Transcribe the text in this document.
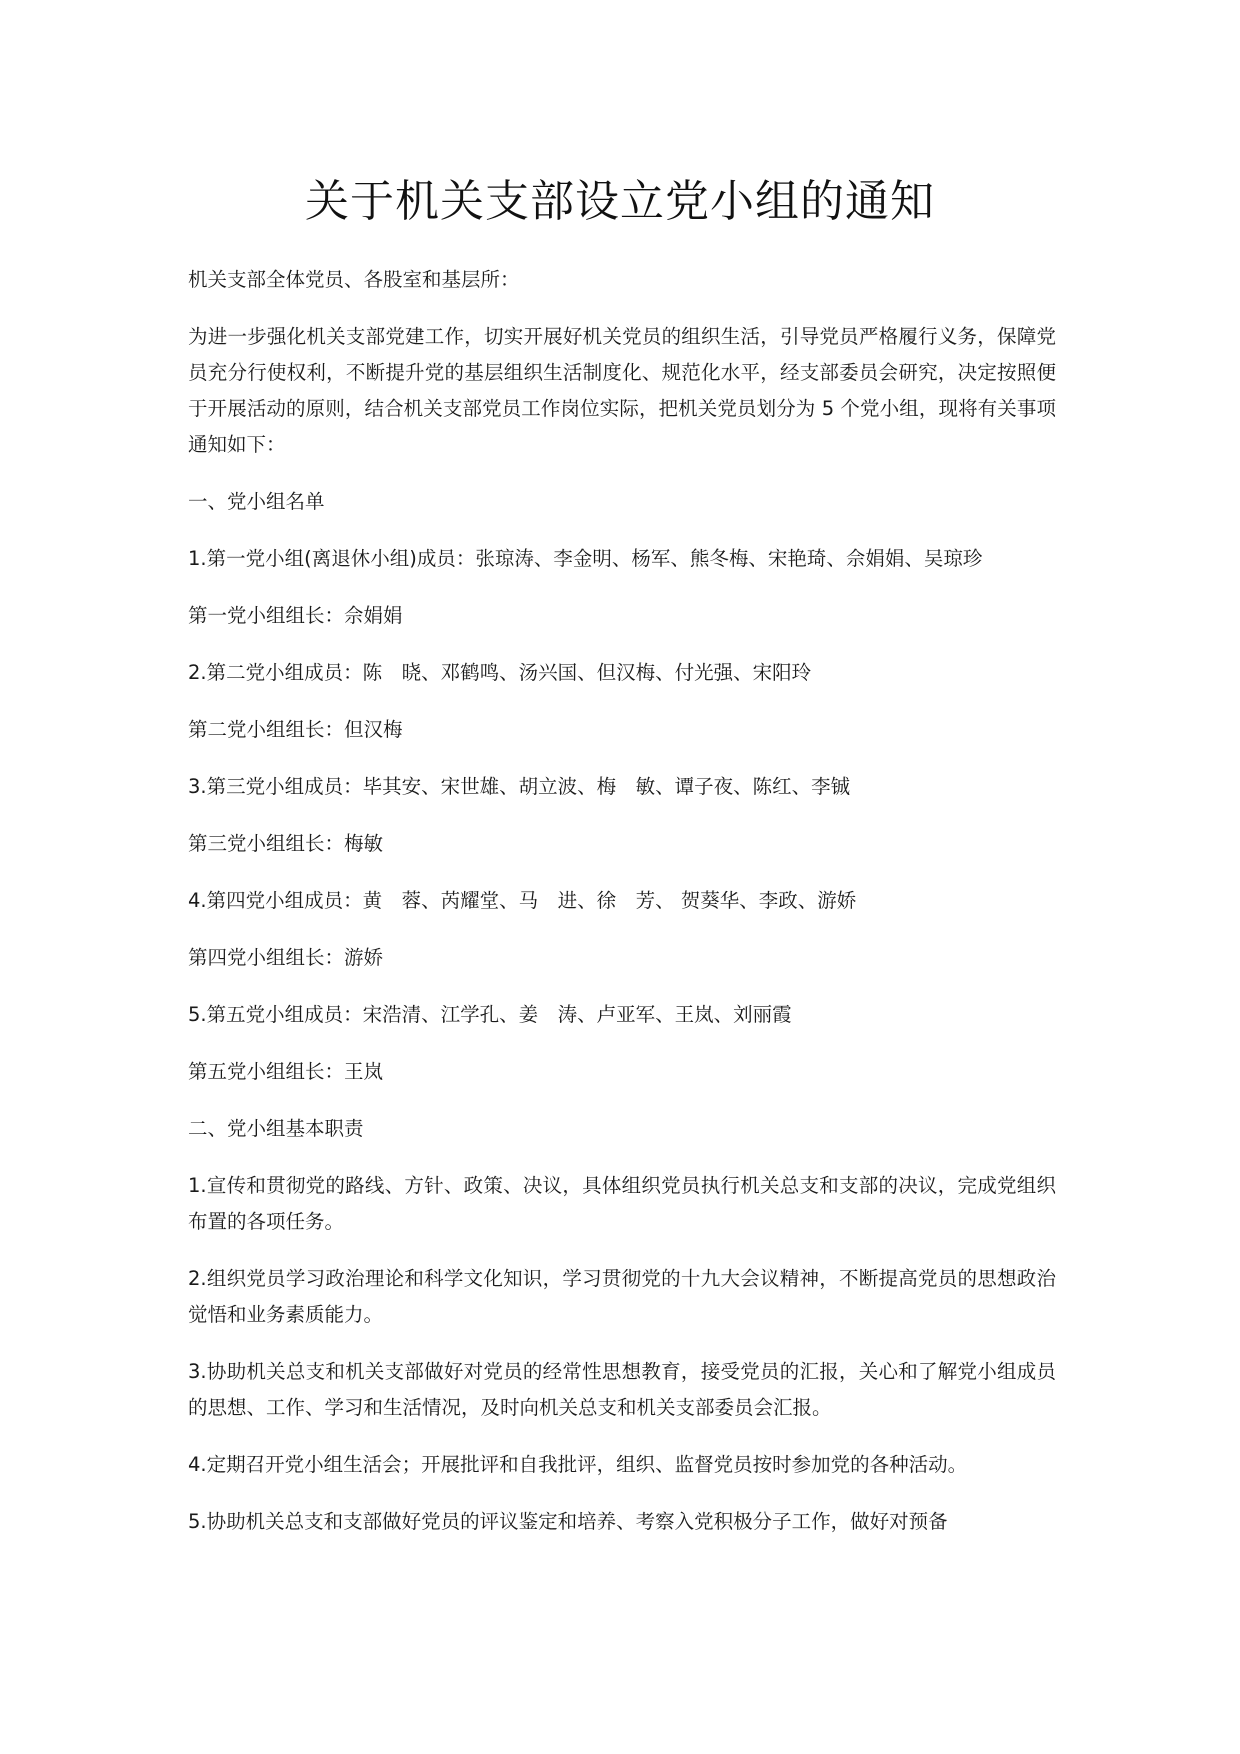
关于机关支部设立党小组的通知

机关支部全体党员、各股室和基层所：

为进一步强化机关支部党建工作，切实开展好机关党员的组织生活，引导党员严格履行义务，保障党员充分行使权利，不断提升党的基层组织生活制度化、规范化水平，经支部委员会研究，决定按照便于开展活动的原则，结合机关支部党员工作岗位实际，把机关党员划分为 5 个党小组，现将有关事项通知如下：

一、党小组名单

1.第一党小组(离退休小组)成员：张琼涛、李金明、杨军、熊冬梅、宋艳琦、佘娟娟、吴琼珍

第一党小组组长：佘娟娟

2.第二党小组成员：陈　晓、邓鹤鸣、汤兴国、但汉梅、付光强、宋阳玲

第二党小组组长：但汉梅

3.第三党小组成员：毕其安、宋世雄、胡立波、梅　敏、谭子夜、陈红、李铖

第三党小组组长：梅敏

4.第四党小组成员：黄　蓉、芮耀堂、马　进、徐　芳、 贺葵华、李政、游娇

第四党小组组长：游娇

5.第五党小组成员：宋浩清、江学孔、姜　涛、卢亚军、王岚、刘丽霞

第五党小组组长：王岚

二、党小组基本职责

1.宣传和贯彻党的路线、方针、政策、决议，具体组织党员执行机关总支和支部的决议，完成党组织布置的各项任务。

2.组织党员学习政治理论和科学文化知识，学习贯彻党的十九大会议精神，不断提高党员的思想政治觉悟和业务素质能力。

3.协助机关总支和机关支部做好对党员的经常性思想教育，接受党员的汇报，关心和了解党小组成员的思想、工作、学习和生活情况，及时向机关总支和机关支部委员会汇报。

4.定期召开党小组生活会；开展批评和自我批评，组织、监督党员按时参加党的各种活动。

5.协助机关总支和支部做好党员的评议鉴定和培养、考察入党积极分子工作，做好对预备
